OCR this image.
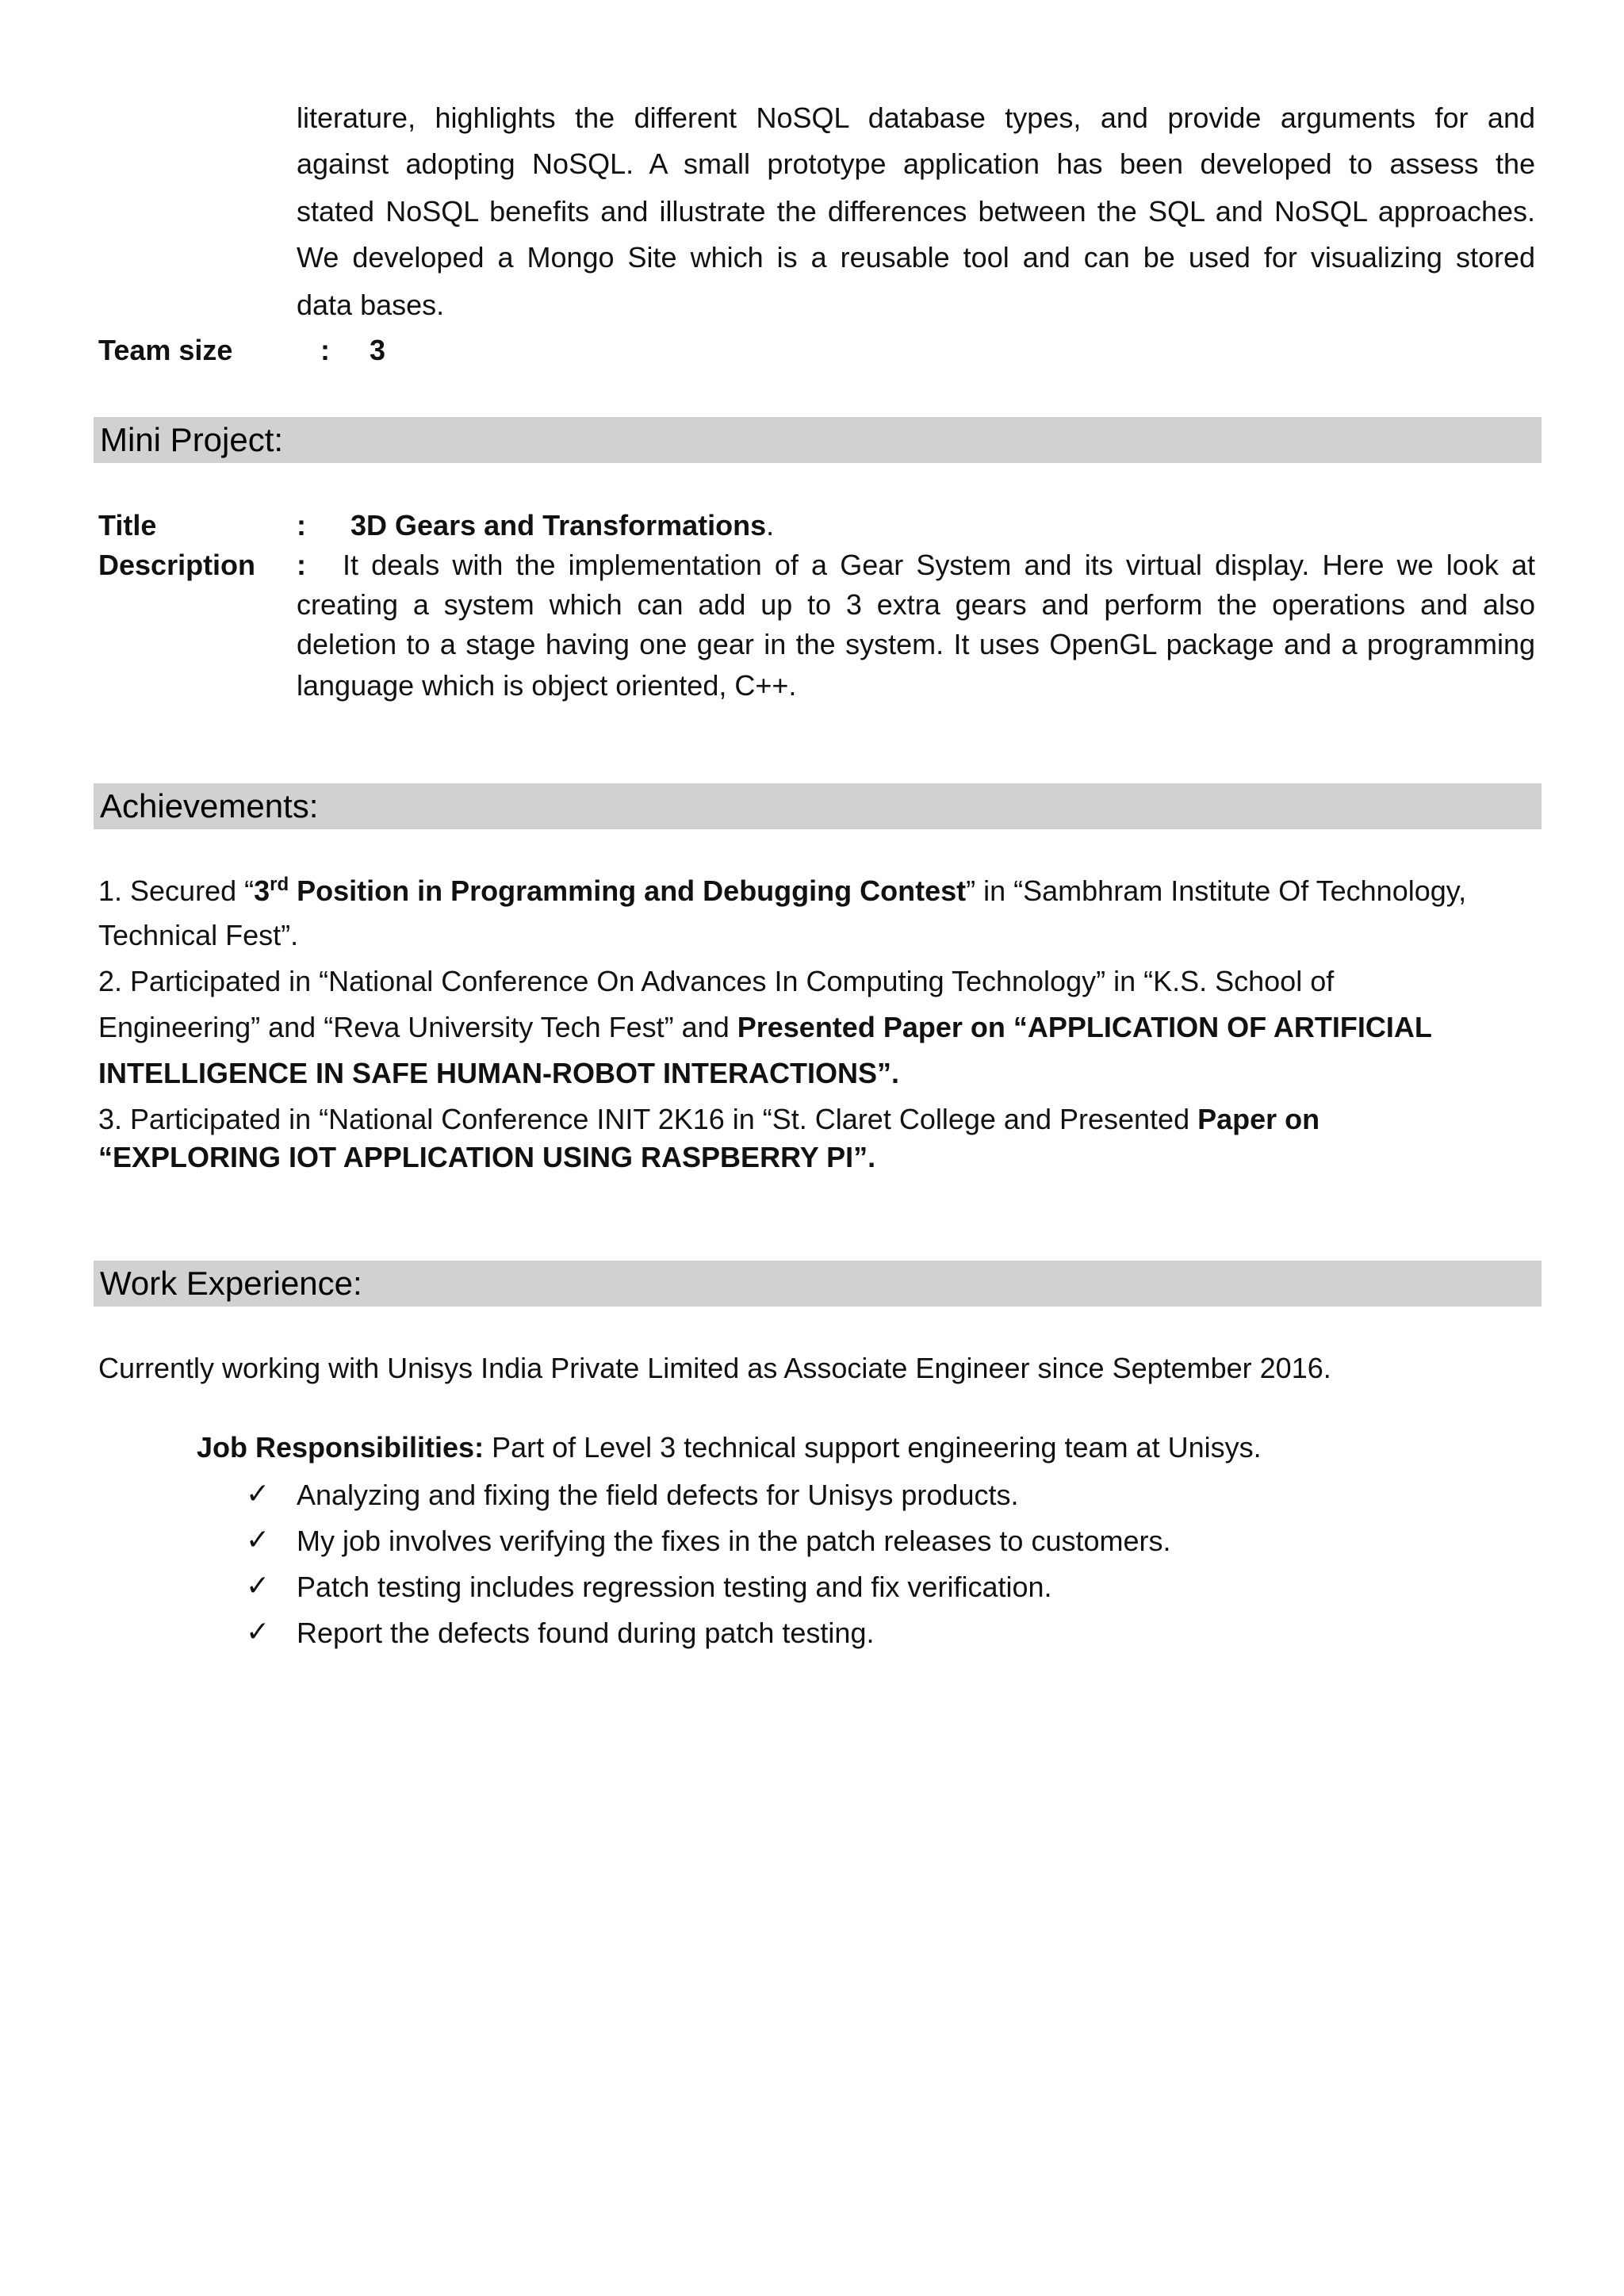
literature, highlights the different NoSQL database types, and provide arguments for and
against adopting NoSQL. A small prototype application has been developed to assess the
stated NoSQL benefits and illustrate the differences between the SQL and NoSQL approaches.
We developed a Mongo Site which is a reusable tool and can be used for visualizing stored
data bases.
Team size	: 3
Mini Project:
Title	: 3D Gears and Transformations.
Description : It deals with the implementation of a Gear System and its virtual display. Here we look at
creating a system which can add up to 3 extra gears and perform the operations and also
deletion to a stage having one gear in the system. It uses OpenGL package and a programming
language which is object oriented, C++.
Achievements:
1. Secured “3rd Position in Programming and Debugging Contest” in “Sambhram Institute Of Technology,
Technical Fest”.
2. Participated in “National Conference On Advances In Computing Technology” in “K.S. School of
Engineering” and “Reva University Tech Fest” and Presented Paper on “APPLICATION OF ARTIFICIAL
INTELLIGENCE IN SAFE HUMAN-ROBOT INTERACTIONS”.
3. Participated in “National Conference INIT 2K16 in “St. Claret College and Presented Paper on
“EXPLORING IOT APPLICATION USING RASPBERRY PI”.
Work Experience:
Currently working with Unisys India Private Limited as Associate Engineer since September 2016.
Job Responsibilities: Part of Level 3 technical support engineering team at Unisys.
✓ Analyzing and fixing the field defects for Unisys products.
✓ My job involves verifying the fixes in the patch releases to customers.
✓ Patch testing includes regression testing and fix verification.
✓ Report the defects found during patch testing.
